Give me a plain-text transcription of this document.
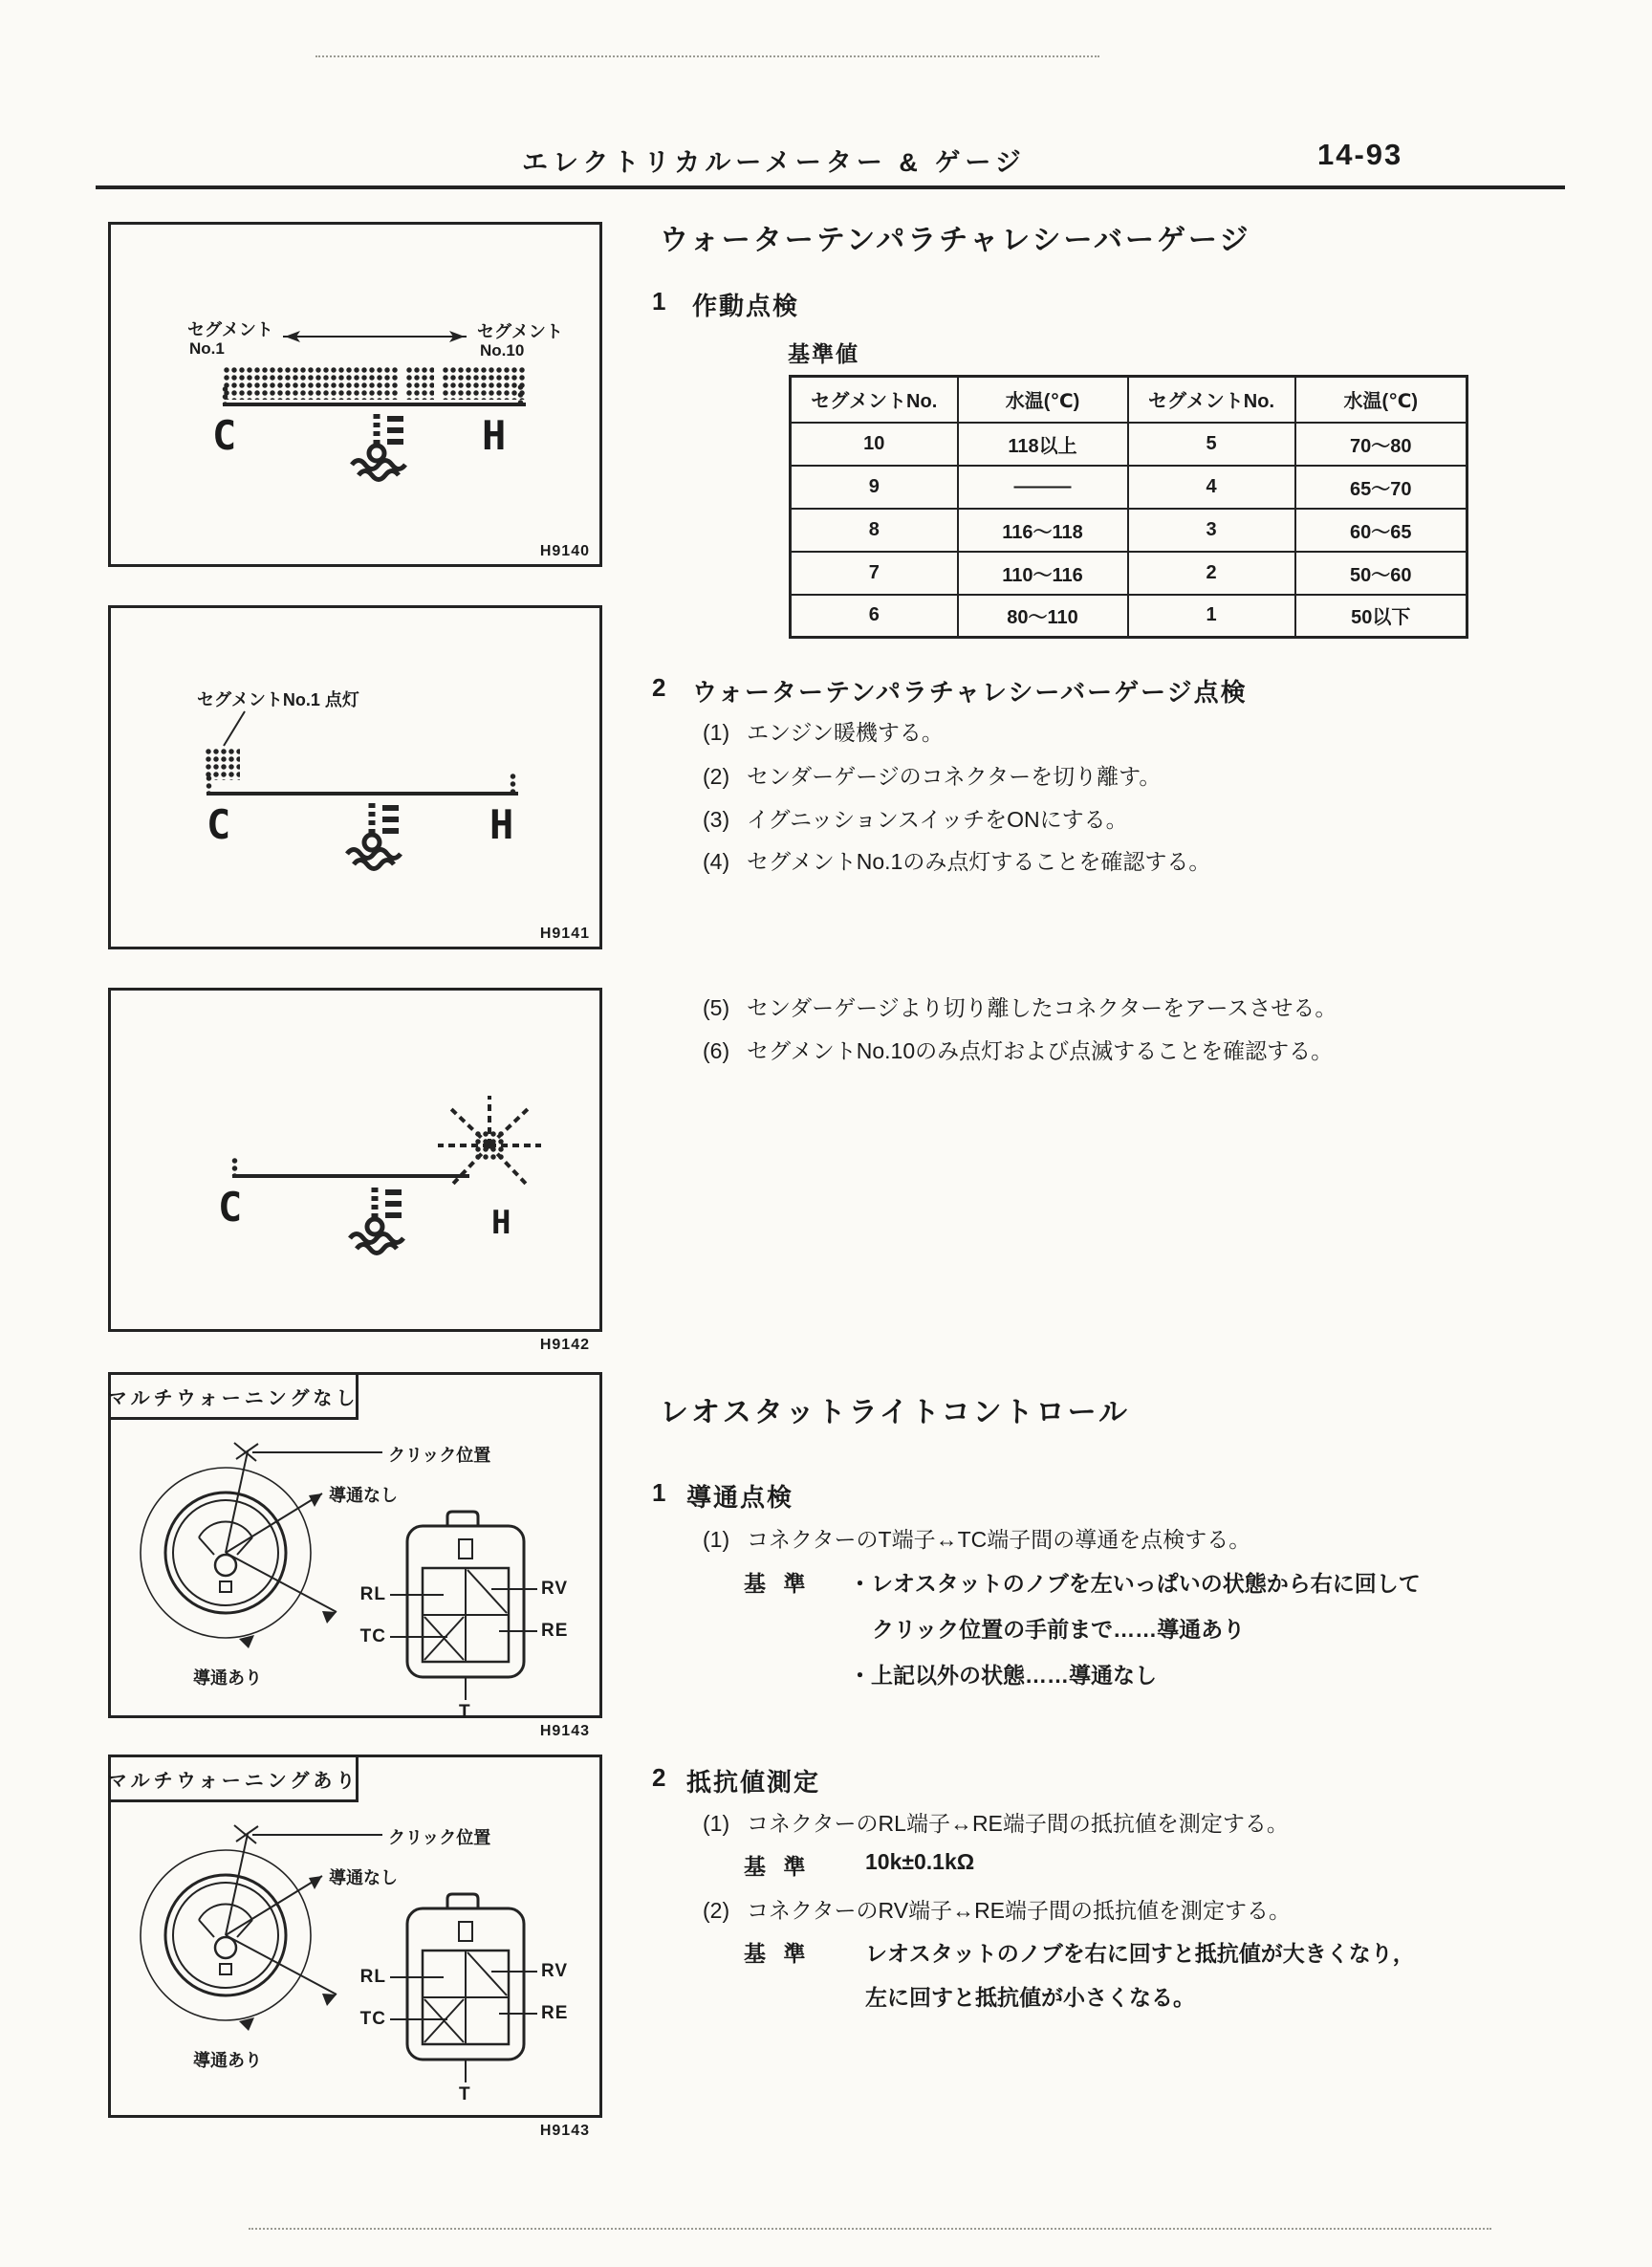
エレクトリカルーメーター & ゲージ	14-93
セグメント
No.1
セグメント
No.10
C	H
H9140
セグメントNo.1 点灯
C	H
H9141
C	H
H9142
マルチウォーニングなし
クリック位置
導通なし
導通あり
RL
TC
RV
RE
T
H9143
マルチウォーニングあり
クリック位置
導通なし
導通あり
RL
TC
RV
RE
T
H9143
ウォーターテンパラチャレシーバーゲージ
1 作動点検
基準値
セグメントNo.	水温(℃)	セグメントNo.	水温(℃)
10	118以上	5	70～80
9	———	4	65～70
8	116～118	3	60～65
7	110～116	2	50～60
6	80～110	1	50以下
2 ウォーターテンパラチャレシーバーゲージ点検
(1) エンジン暖機する。
(2) センダーゲージのコネクターを切り離す。
(3) イグニッションスイッチをONにする。
(4) セグメントNo.1のみ点灯することを確認する。
(5) センダーゲージより切り離したコネクターをアースさせる。
(6) セグメントNo.10のみ点灯および点滅することを確認する。
レオスタットライトコントロール
1 導通点検
(1) コネクターのT端子↔TC端子間の導通を点検する。
基 準 ・レオスタットのノブを左いっぱいの状態から右に回して
クリック位置の手前まで……導通あり
・上記以外の状態……導通なし
2 抵抗値測定
(1) コネクターのRL端子↔RE端子間の抵抗値を測定する。
基 準 10k±0.1kΩ
(2) コネクターのRV端子↔RE端子間の抵抗値を測定する。
基 準 レオスタットのノブを右に回すと抵抗値が大きくなり，
左に回すと抵抗値が小さくなる。
